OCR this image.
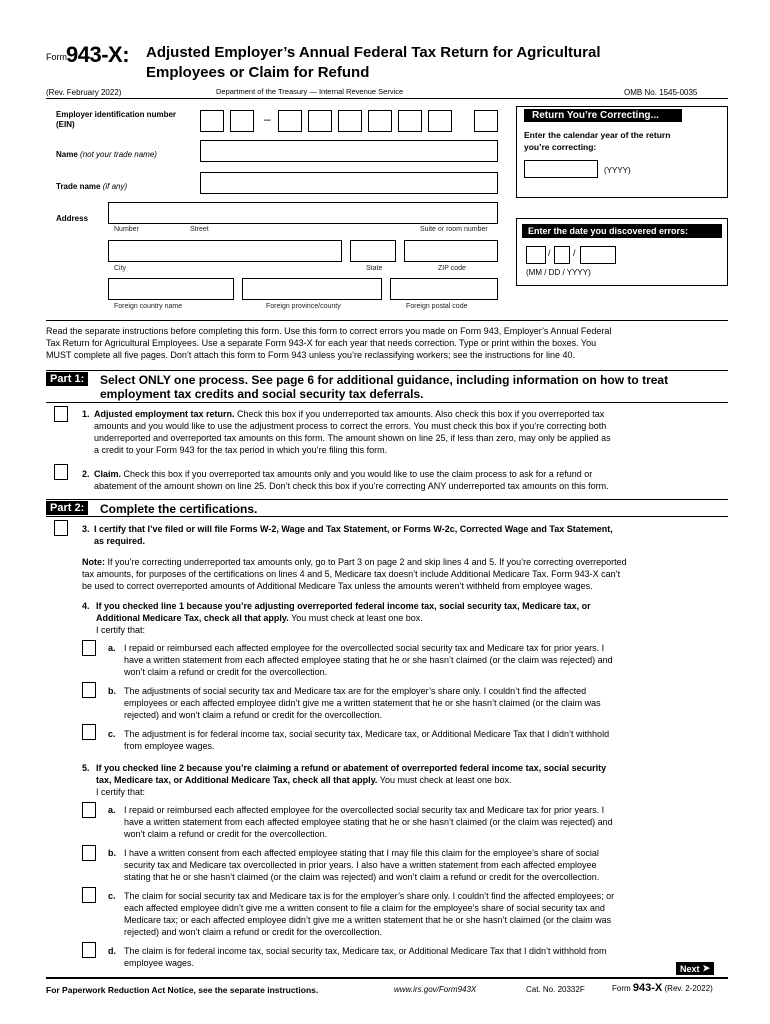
Form 943-X: Adjusted Employer’s Annual Federal Tax Return for Agricultural
Employees or Claim for Refund
(Rev. February 2022)	Department of the Treasury — Internal Revenue Service	OMB No. 1545-0035
Employer identification number
(EIN)	–
Name (not your trade name)
Trade name (if any)
Address
Number	Street	Suite or room number
City	State	ZIP code
Foreign country name	Foreign province/county	Foreign postal code
Return You’re Correcting...
Enter the calendar year of the return
you’re correcting:
(YYYY)
Enter the date you discovered errors:
/ /
(MM / DD / YYYY)
Read the separate instructions before completing this form. Use this form to correct errors you made on Form 943, Employer’s Annual Federal
Tax Return for Agricultural Employees. Use a separate Form 943-X for each year that needs correction. Type or print within the boxes. You
MUST complete all five pages. Don’t attach this form to Form 943 unless you’re reclassifying workers; see the instructions for line 40.
Part 1:	Select ONLY one process. See page 6 for additional guidance, including information on how to treat
employment tax credits and social security tax deferrals.
1. Adjusted employment tax return. Check this box if you underreported tax amounts. Also check this box if you overreported tax
amounts and you would like to use the adjustment process to correct the errors. You must check this box if you’re correcting both
underreported and overreported tax amounts on this form. The amount shown on line 25, if less than zero, may only be applied as
a credit to your Form 943 for the tax period in which you’re filing this form.
2. Claim. Check this box if you overreported tax amounts only and you would like to use the claim process to ask for a refund or
abatement of the amount shown on line 25. Don’t check this box if you’re correcting ANY underreported tax amounts on this form.
Part 2:	Complete the certifications.
3. I certify that I’ve filed or will file Forms W-2, Wage and Tax Statement, or Forms W-2c, Corrected Wage and Tax Statement,
as required.
Note: If you’re correcting underreported tax amounts only, go to Part 3 on page 2 and skip lines 4 and 5. If you’re correcting overreported
tax amounts, for purposes of the certifications on lines 4 and 5, Medicare tax doesn’t include Additional Medicare Tax. Form 943-X can’t
be used to correct overreported amounts of Additional Medicare Tax unless the amounts weren’t withheld from employee wages.
4. If you checked line 1 because you’re adjusting overreported federal income tax, social security tax, Medicare tax, or
Additional Medicare Tax, check all that apply. You must check at least one box.
I certify that:
a. I repaid or reimbursed each affected employee for the overcollected social security tax and Medicare tax for prior years. I
have a written statement from each affected employee stating that he or she hasn’t claimed (or the claim was rejected) and
won’t claim a refund or credit for the overcollection.
b. The adjustments of social security tax and Medicare tax are for the employer’s share only. I couldn’t find the affected
employees or each affected employee didn’t give me a written statement that he or she hasn’t claimed (or the claim was
rejected) and won’t claim a refund or credit for the overcollection.
c. The adjustment is for federal income tax, social security tax, Medicare tax, or Additional Medicare Tax that I didn’t withhold
from employee wages.
5. If you checked line 2 because you’re claiming a refund or abatement of overreported federal income tax, social security
tax, Medicare tax, or Additional Medicare Tax, check all that apply. You must check at least one box.
I certify that:
a. I repaid or reimbursed each affected employee for the overcollected social security tax and Medicare tax for prior years. I
have a written statement from each affected employee stating that he or she hasn’t claimed (or the claim was rejected) and
won’t claim a refund or credit for the overcollection.
b. I have a written consent from each affected employee stating that I may file this claim for the employee’s share of social
security tax and Medicare tax overcollected in prior years. I also have a written statement from each affected employee
stating that he or she hasn’t claimed (or the claim was rejected) and won’t claim a refund or credit for the overcollection.
c. The claim for social security tax and Medicare tax is for the employer’s share only. I couldn’t find the affected employees; or
each affected employee didn’t give me a written consent to file a claim for the employee’s share of social security tax and
Medicare tax; or each affected employee didn’t give me a written statement that he or she hasn’t claimed (or the claim was
rejected) and won’t claim a refund or credit for the overcollection.
d. The claim is for federal income tax, social security tax, Medicare tax, or Additional Medicare Tax that I didn’t withhold from
employee wages.
Next ➤
For Paperwork Reduction Act Notice, see the separate instructions.	www.irs.gov/Form943X	Cat. No. 20332F	Form 943-X (Rev. 2-2022)
